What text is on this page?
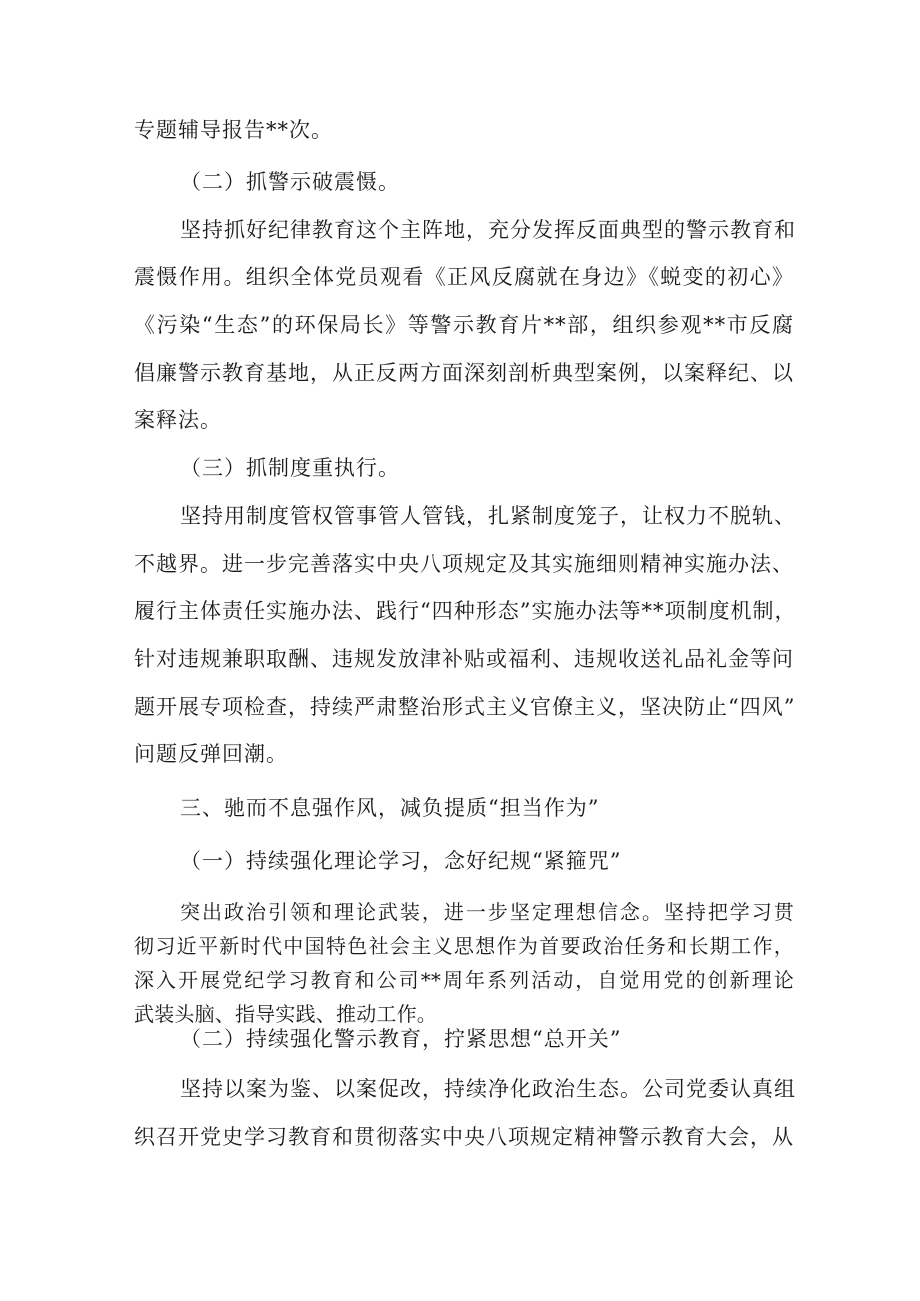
专题辅导报告**次。
（二）抓警示破震慑。
坚持抓好纪律教育这个主阵地，充分发挥反面典型的警示教育和
震慑作用。组织全体党员观看《正风反腐就在身边》《蜕变的初心》
《污染“生态”的环保局长》等警示教育片**部，组织参观**市反腐
倡廉警示教育基地，从正反两方面深刻剖析典型案例，以案释纪、以
案释法。
（三）抓制度重执行。
坚持用制度管权管事管人管钱，扎紧制度笼子，让权力不脱轨、
不越界。进一步完善落实中央八项规定及其实施细则精神实施办法、
履行主体责任实施办法、践行“四种形态”实施办法等**项制度机制，
针对违规兼职取酬、违规发放津补贴或福利、违规收送礼品礼金等问
题开展专项检查，持续严肃整治形式主义官僚主义，坚决防止“四风”
问题反弹回潮。
三、驰而不息强作风，减负提质“担当作为”
（一）持续强化理论学习，念好纪规“紧箍咒”
突出政治引领和理论武装，进一步坚定理想信念。坚持把学习贯
彻习近平新时代中国特色社会主义思想作为首要政治任务和长期工作，
深入开展党纪学习教育和公司**周年系列活动，自觉用党的创新理论
武装头脑、指导实践、推动工作。
（二）持续强化警示教育，拧紧思想“总开关”
坚持以案为鉴、以案促改，持续净化政治生态。公司党委认真组
织召开党史学习教育和贯彻落实中央八项规定精神警示教育大会，从
